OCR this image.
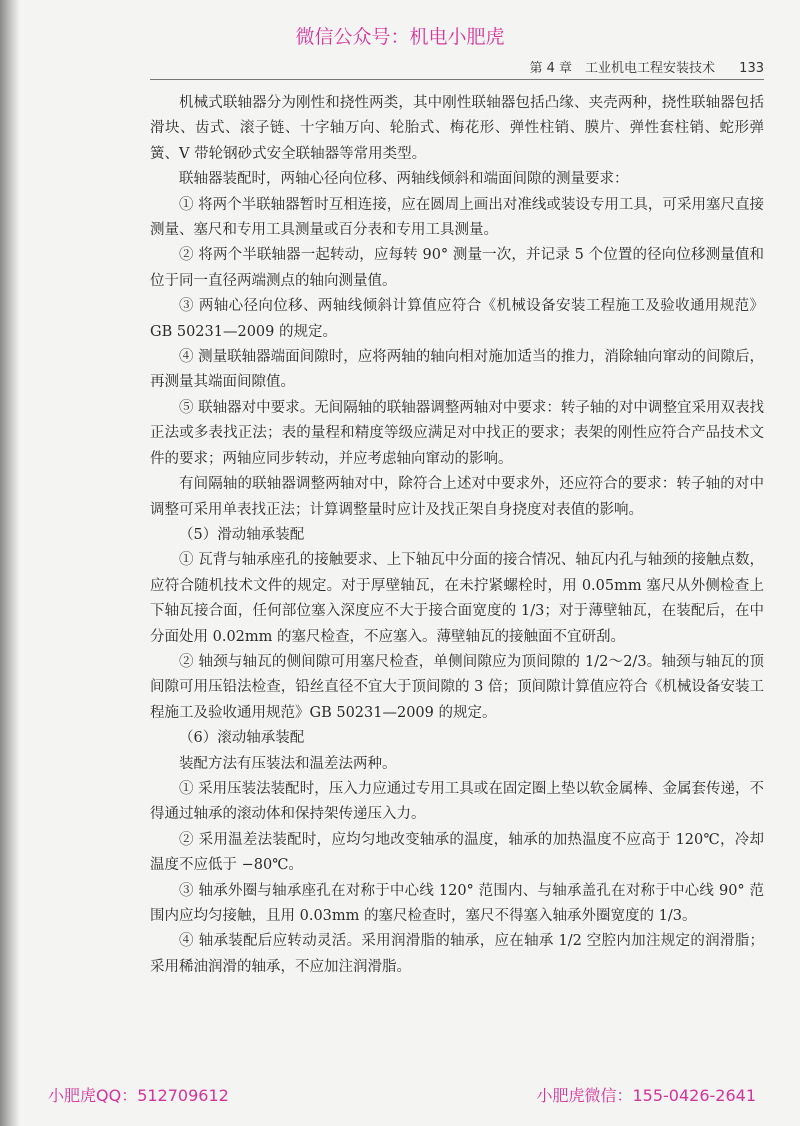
微信公众号：机电小肥虎
第 4 章　工业机电工程安装技术 133

机械式联轴器分为刚性和挠性两类，其中刚性联轴器包括凸缘、夹壳两种，挠性联轴器包括滑块、齿式、滚子链、十字轴万向、轮胎式、梅花形、弹性柱销、膜片、弹性套柱销、蛇形弹簧、V 带轮钢砂式安全联轴器等常用类型。

联轴器装配时，两轴心径向位移、两轴线倾斜和端面间隙的测量要求：

① 将两个半联轴器暂时互相连接，应在圆周上画出对准线或装设专用工具，可采用塞尺直接测量、塞尺和专用工具测量或百分表和专用工具测量。

② 将两个半联轴器一起转动，应每转 90° 测量一次，并记录 5 个位置的径向位移测量值和位于同一直径两端测点的轴向测量值。

③ 两轴心径向位移、两轴线倾斜计算值应符合《机械设备安装工程施工及验收通用规范》GB 50231—2009 的规定。

④ 测量联轴器端面间隙时，应将两轴的轴向相对施加适当的推力，消除轴向窜动的间隙后，再测量其端面间隙值。

⑤ 联轴器对中要求。无间隔轴的联轴器调整两轴对中要求：转子轴的对中调整宜采用双表找正法或多表找正法；表的量程和精度等级应满足对中找正的要求；表架的刚性应符合产品技术文件的要求；两轴应同步转动，并应考虑轴向窜动的影响。

有间隔轴的联轴器调整两轴对中，除符合上述对中要求外，还应符合的要求：转子轴的对中调整可采用单表找正法；计算调整量时应计及找正架自身挠度对表值的影响。

（5）滑动轴承装配

① 瓦背与轴承座孔的接触要求、上下轴瓦中分面的接合情况、轴瓦内孔与轴颈的接触点数，应符合随机技术文件的规定。对于厚壁轴瓦，在未拧紧螺栓时，用 0.05mm 塞尺从外侧检查上下轴瓦接合面，任何部位塞入深度应不大于接合面宽度的 1/3；对于薄壁轴瓦，在装配后，在中分面处用 0.02mm 的塞尺检查，不应塞入。薄壁轴瓦的接触面不宜研刮。

② 轴颈与轴瓦的侧间隙可用塞尺检查，单侧间隙应为顶间隙的 1/2～2/3。轴颈与轴瓦的顶间隙可用压铅法检查，铅丝直径不宜大于顶间隙的 3 倍；顶间隙计算值应符合《机械设备安装工程施工及验收通用规范》GB 50231—2009 的规定。

（6）滚动轴承装配

装配方法有压装法和温差法两种。

① 采用压装法装配时，压入力应通过专用工具或在固定圈上垫以软金属棒、金属套传递，不得通过轴承的滚动体和保持架传递压入力。

② 采用温差法装配时，应均匀地改变轴承的温度，轴承的加热温度不应高于 120℃，冷却温度不应低于 −80℃。

③ 轴承外圈与轴承座孔在对称于中心线 120° 范围内、与轴承盖孔在对称于中心线 90° 范围内应均匀接触，且用 0.03mm 的塞尺检查时，塞尺不得塞入轴承外圈宽度的 1/3。

④ 轴承装配后应转动灵活。采用润滑脂的轴承，应在轴承 1/2 空腔内加注规定的润滑脂；采用稀油润滑的轴承，不应加注润滑脂。

小肥虎QQ：512709612	小肥虎微信：155-0426-2641
